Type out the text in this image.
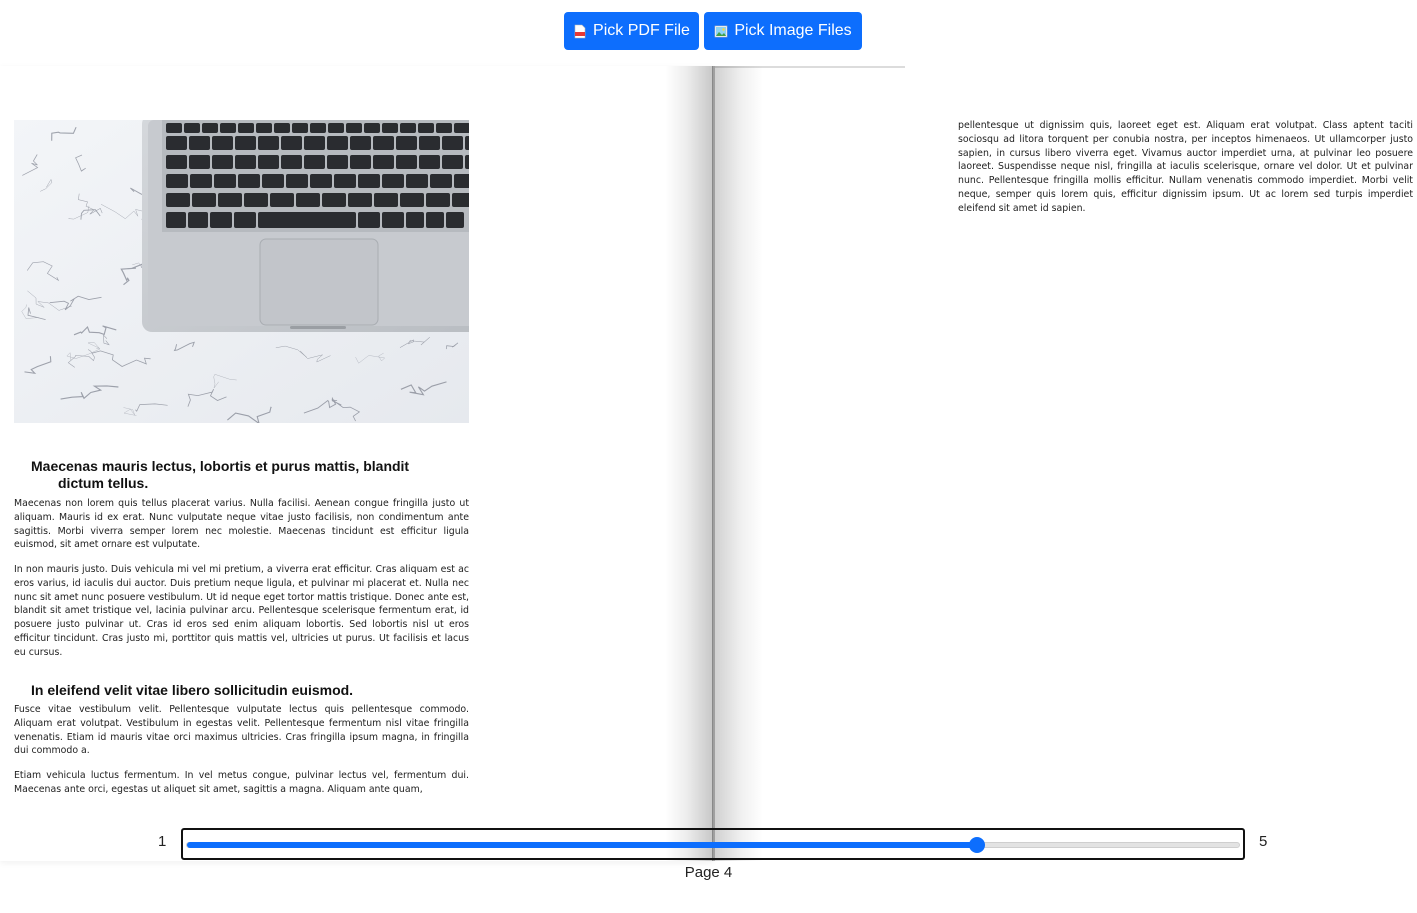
Pick PDF File	Pick Image Files
Maecenas mauris lectus, lobortis et purus mattis, blandit
dictum tellus.

Maecenas non lorem quis tellus placerat varius. Nulla facilisi. Aenean congue fringilla justo ut aliquam. Mauris id ex erat. Nunc vulputate neque vitae justo facilisis, non condimentum ante sagittis. Morbi viverra semper lorem nec molestie. Maecenas tincidunt est efficitur ligula euismod, sit amet ornare est vulputate.

In non mauris justo. Duis vehicula mi vel mi pretium, a viverra erat efficitur. Cras aliquam est ac eros varius, id iaculis dui auctor. Duis pretium neque ligula, et pulvinar mi placerat et. Nulla nec nunc sit amet nunc posuere vestibulum. Ut id neque eget tortor mattis tristique. Donec ante est, blandit sit amet tristique vel, lacinia pulvinar arcu. Pellentesque scelerisque fermentum erat, id posuere justo pulvinar ut. Cras id eros sed enim aliquam lobortis. Sed lobortis nisl ut eros efficitur tincidunt. Cras justo mi, porttitor quis mattis vel, ultricies ut purus. Ut facilisis et lacus eu cursus.

In eleifend velit vitae libero sollicitudin euismod.

Fusce vitae vestibulum velit. Pellentesque vulputate lectus quis pellentesque commodo. Aliquam erat volutpat. Vestibulum in egestas velit. Pellentesque fermentum nisl vitae fringilla venenatis. Etiam id mauris vitae orci maximus ultricies. Cras fringilla ipsum magna, in fringilla dui commodo a.

Etiam vehicula luctus fermentum. In vel metus congue, pulvinar lectus vel, fermentum dui. Maecenas ante orci, egestas ut aliquet sit amet, sagittis a magna. Aliquam ante quam,

pellentesque ut dignissim quis, laoreet eget est. Aliquam erat volutpat. Class aptent taciti sociosqu ad litora torquent per conubia nostra, per inceptos himenaeos. Ut ullamcorper justo sapien, in cursus libero viverra eget. Vivamus auctor imperdiet urna, at pulvinar leo posuere laoreet. Suspendisse neque nisl, fringilla at iaculis scelerisque, ornare vel dolor. Ut et pulvinar nunc. Pellentesque fringilla mollis efficitur. Nullam venenatis commodo imperdiet. Morbi velit neque, semper quis lorem quis, efficitur dignissim ipsum. Ut ac lorem sed turpis imperdiet eleifend sit amet id sapien.

1	5
Page 4
